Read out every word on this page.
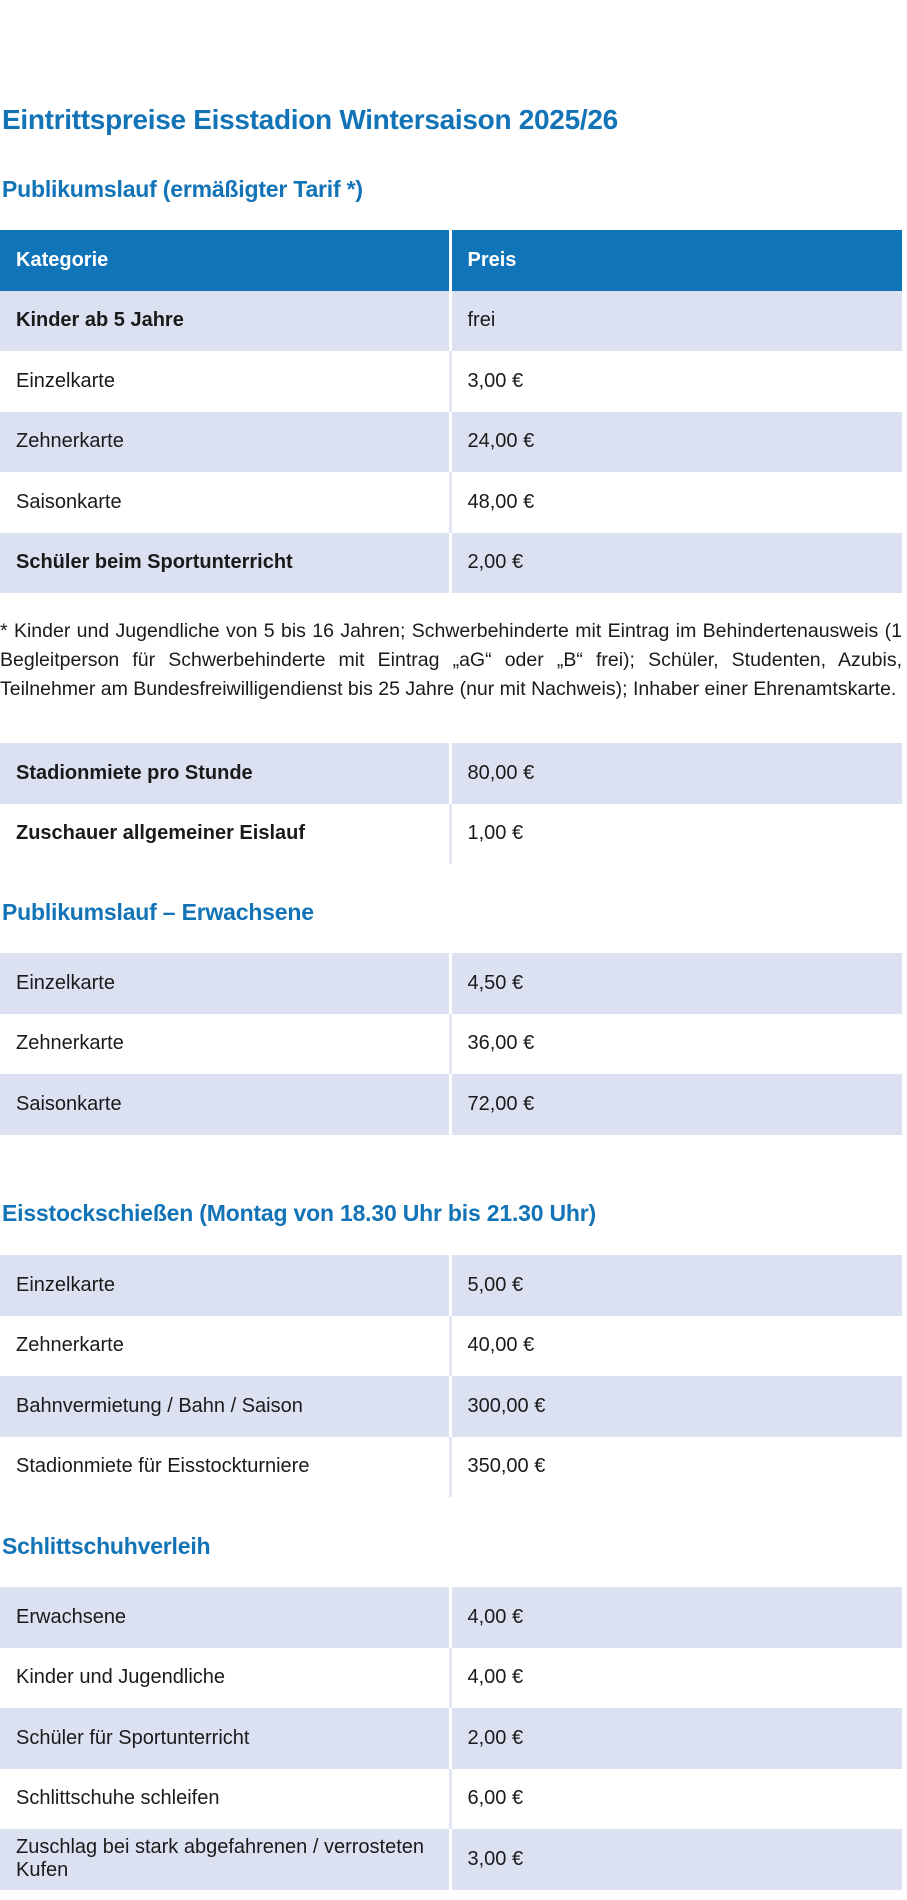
Eintrittspreise Eisstadion Wintersaison 2025/26
Publikumslauf (ermäßigter Tarif *)
Kategorie	Preis
Kinder ab 5 Jahre	frei
Einzelkarte	3,00 €
Zehnerkarte	24,00 €
Saisonkarte	48,00 €
Schüler beim Sportunterricht	2,00 €

* Kinder und Jugendliche von 5 bis 16 Jahren; Schwerbehinderte mit Eintrag im Behindertenausweis (1 Begleitperson für Schwerbehinderte mit Eintrag „aG“ oder „B“ frei); Schüler, Studenten, Azubis, Teilnehmer am Bundesfreiwilligendienst bis 25 Jahre (nur mit Nachweis); Inhaber einer Ehrenamtskarte.

Stadionmiete pro Stunde	80,00 €
Zuschauer allgemeiner Eislauf	1,00 €
Publikumslauf – Erwachsene
Einzelkarte	4,50 €
Zehnerkarte	36,00 €
Saisonkarte	72,00 €
Eisstockschießen (Montag von 18.30 Uhr bis 21.30 Uhr)
Einzelkarte	5,00 €
Zehnerkarte	40,00 €
Bahnvermietung / Bahn / Saison	300,00 €
Stadionmiete für Eisstockturniere	350,00 €
Schlittschuhverleih
Erwachsene	4,00 €
Kinder und Jugendliche	4,00 €
Schüler für Sportunterricht	2,00 €
Schlittschuhe schleifen	6,00 €
Zuschlag bei stark abgefahrenen / verrosteten Kufen	3,00 €
